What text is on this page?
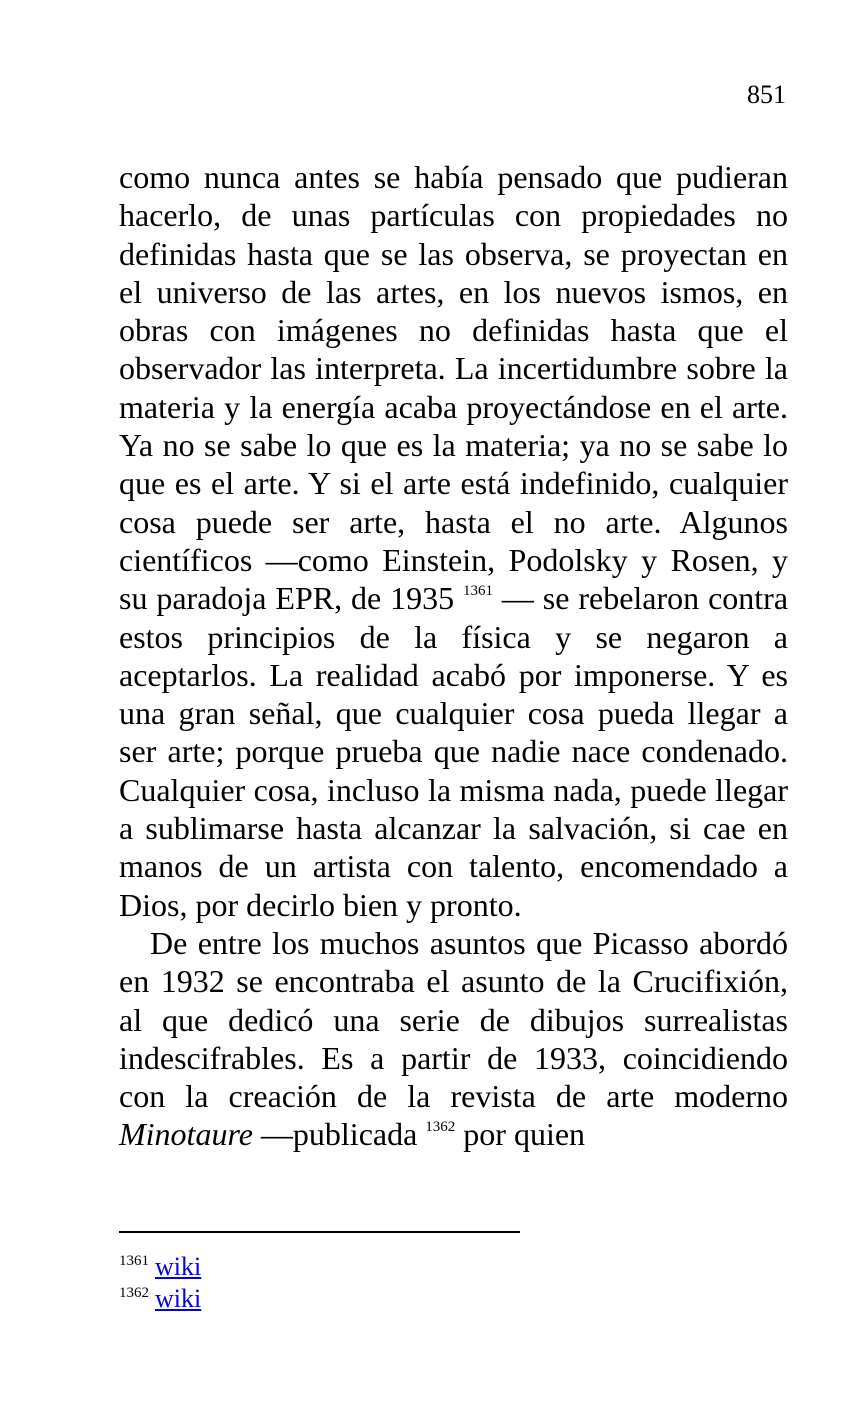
851

como nunca antes se había pensado que pudieran hacerlo, de unas partículas con propiedades no definidas hasta que se las observa, se proyectan en el universo de las artes, en los nuevos ismos, en obras con imágenes no definidas hasta que el observador las interpreta. La incertidumbre sobre la materia y la energía acaba proyectándose en el arte. Ya no se sabe lo que es la materia; ya no se sabe lo que es el arte. Y si el arte está indefinido, cualquier cosa puede ser arte, hasta el no arte. Algunos científicos —como Einstein, Podolsky y Rosen, y su paradoja EPR, de 1935 $^{1361}$ — se rebelaron contra estos principios de la física y se negaron a aceptarlos. La realidad acabó por imponerse. Y es una gran señal, que cualquier cosa pueda llegar a ser arte; porque prueba que nadie nace condenado. Cualquier cosa, incluso la misma nada, puede llegar a sublimarse hasta alcanzar la salvación, si cae en manos de un artista con talento, encomendado a Dios, por decirlo bien y pronto.

De entre los muchos asuntos que Picasso abordó en 1932 se encontraba el asunto de la Crucifixión, al que dedicó una serie de dibujos surrealistas indescifrables. Es a partir de 1933, coincidiendo con la creación de la revista de arte moderno Minotaure —publicada $^{1362}$ por quien

$^{1361}$ wiki
$^{1362}$ wiki
